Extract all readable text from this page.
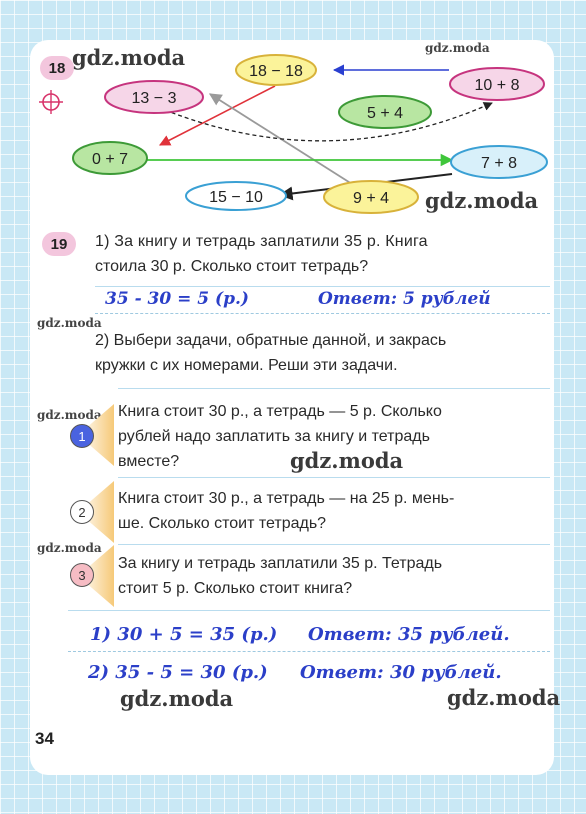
18 gdz.moda	gdz.moda
18 − 18
13 − 3
10 + 8
5 + 4
0 + 7	7 + 8
15 − 10	9 + 4 gdz.moda
19	1) За книгу и тетрадь заплатили 35 р. Книга
стоила 30 р. Сколько стоит тетрадь?
35 - 30 = 5 (р.)	Ответ: 5 рублей
gdz.moda
2) Выбери задачи, обратные данной, и закрась
кружки с их номерами. Реши эти задачи.
gdz.moda
1
Книга стоит 30 р., а тетрадь — 5 р. Сколько
рублей надо заплатить за книгу и тетрадь
вместе?	gdz.moda
2
Книга стоит 30 р., а тетрадь — на 25 р. мень-
ше. Сколько стоит тетрадь?
gdz.moda
3
За книгу и тетрадь заплатили 35 р. Тетрадь
стоит 5 р. Сколько стоит книга?
1) 30 + 5 = 35 (р.) Ответ: 35 рублей.
2) 35 - 5 = 30 (р.) Ответ: 30 рублей.
gdz.moda	gdz.moda
34
